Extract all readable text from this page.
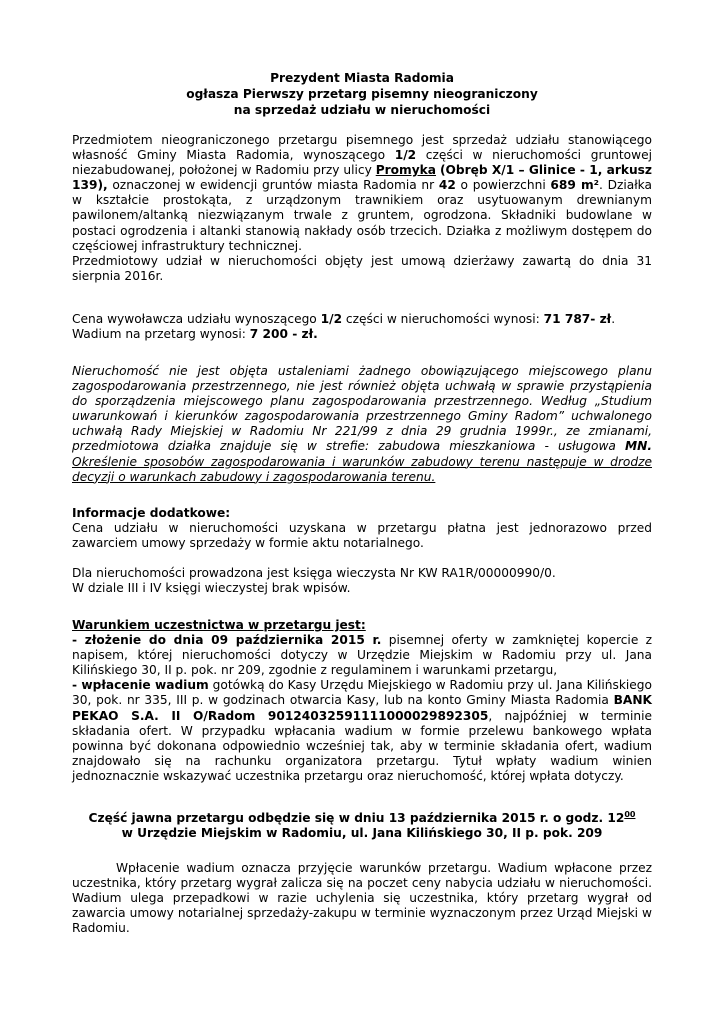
Prezydent Miasta Radomia
ogłasza Pierwszy przetarg pisemny nieograniczony
na sprzedaż udziału w nieruchomości

Przedmiotem nieograniczonego przetargu pisemnego jest sprzedaż udziału stanowiącego własność Gminy Miasta Radomia, wynoszącego 1/2 części w nieruchomości gruntowej niezabudowanej, położonej w Radomiu przy ulicy Promyka (Obręb X/1 – Glinice - 1, arkusz 139), oznaczonej w ewidencji gruntów miasta Radomia nr 42 o powierzchni 689 m². Działka w kształcie prostokąta, z urządzonym trawnikiem oraz usytuowanym drewnianym pawilonem/altanką niezwiązanym trwale z gruntem, ogrodzona. Składniki budowlane w postaci ogrodzenia i altanki stanowią nakłady osób trzecich. Działka z możliwym dostępem do częściowej infrastruktury technicznej.

Przedmiotowy udział w nieruchomości objęty jest umową dzierżawy zawartą do dnia 31 sierpnia 2016r.

Cena wywoławcza udziału wynoszącego 1/2 części w nieruchomości wynosi: 71 787- zł.

Wadium na przetarg wynosi: 7 200 - zł.

Nieruchomość nie jest objęta ustaleniami żadnego obowiązującego miejscowego planu zagospodarowania przestrzennego, nie jest również objęta uchwałą w sprawie przystąpienia do sporządzenia miejscowego planu zagospodarowania przestrzennego. Według „Studium uwarunkowań i kierunków zagospodarowania przestrzennego Gminy Radom” uchwalonego uchwałą Rady Miejskiej w Radomiu Nr 221/99 z dnia 29 grudnia 1999r., ze zmianami, przedmiotowa działka znajduje się w strefie: zabudowa mieszkaniowa - usługowa MN. Określenie sposobów zagospodarowania i warunków zabudowy terenu następuje w drodze decyzji o warunkach zabudowy i zagospodarowania terenu.

Informacje dodatkowe:

Cena udziału w nieruchomości uzyskana w przetargu płatna jest jednorazowo przed zawarciem umowy sprzedaży w formie aktu notarialnego.

Dla nieruchomości prowadzona jest księga wieczysta Nr KW RA1R/00000990/0.

W dziale III i IV księgi wieczystej brak wpisów.

Warunkiem uczestnictwa w przetargu jest:

- złożenie do dnia 09 października 2015 r. pisemnej oferty w zamkniętej kopercie z napisem, której nieruchomości dotyczy w Urzędzie Miejskim w Radomiu przy ul. Jana Kilińskiego 30, II p. pok. nr 209, zgodnie z regulaminem i warunkami przetargu,

- wpłacenie wadium gotówką do Kasy Urzędu Miejskiego w Radomiu przy ul. Jana Kilińskiego 30, pok. nr 335, III p. w godzinach otwarcia Kasy, lub na konto Gminy Miasta Radomia BANK PEKAO S.A. II O/Radom 90124032591111000029892305, najpóźniej w terminie składania ofert. W przypadku wpłacania wadium w formie przelewu bankowego wpłata powinna być dokonana odpowiednio wcześniej tak, aby w terminie składania ofert, wadium znajdowało się na rachunku organizatora przetargu. Tytuł wpłaty wadium winien jednoznacznie wskazywać uczestnika przetargu oraz nieruchomość, której wpłata dotyczy.

Część jawna przetargu odbędzie się w dniu 13 października 2015 r. o godz. $12^{00}$

w Urzędzie Miejskim w Radomiu, ul. Jana Kilińskiego 30, II p. pok. 209

Wpłacenie wadium oznacza przyjęcie warunków przetargu. Wadium wpłacone przez uczestnika, który przetarg wygrał zalicza się na poczet ceny nabycia udziału w nieruchomości. Wadium ulega przepadkowi w razie uchylenia się uczestnika, który przetarg wygrał od zawarcia umowy notarialnej sprzedaży-zakupu w terminie wyznaczonym przez Urząd Miejski w Radomiu.
